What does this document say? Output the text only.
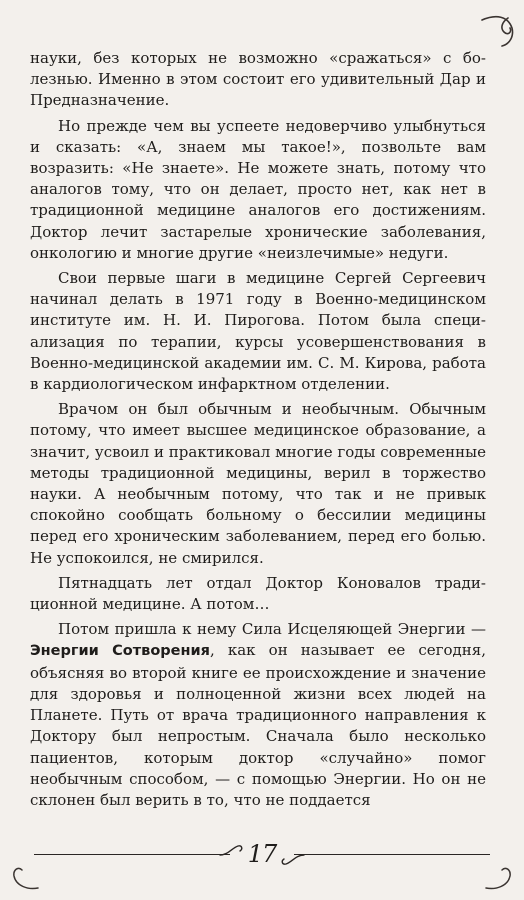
науки, без которых не возможно «сражаться» с болезнью. Именно в этом состоит его удивительный Дар и Предназначение.

Но прежде чем вы успеете недоверчиво улыбнуться и сказать: «А, знаем мы такое!», позвольте вам возразить: «Не знаете». Не можете знать, потому что аналогов тому, что он делает, просто нет, как нет в традиционной медицине аналогов его достижениям. Доктор лечит застарелые хронические заболевания, онкологию и многие другие «неизлечимые» недуги.

Свои первые шаги в медицине Сергей Сергеевич начинал делать в 1971 году в Военно-медицинском институте им. Н. И. Пирогова. Потом была специализация по терапии, курсы усовершенствования в Военно-медицинской академии им. С. М. Кирова, работа в кардиологическом инфарктном отделении.

Врачом он был обычным и необычным. Обычным потому, что имеет высшее медицинское образование, а значит, усвоил и практиковал многие годы современные методы традиционной медицины, верил в торжество науки. А необычным потому, что так и не привык спокойно сообщать больному о бессилии медицины перед его хроническим заболеванием, перед его болью. Не успокоился, не смирился.

Пятнадцать лет отдал Доктор Коновалов традиционной медицине. А потом…

Потом пришла к нему Сила Исцеляющей Энергии — Энергии Сотворения, как он называет ее сегодня, объясняя во второй книге ее происхождение и значение для здоровья и полноценной жизни всех людей на Планете. Путь от врача традиционного направления к Доктору был непростым. Сначала было несколько пациентов, которым доктор «случайно» помог необычным способом, — с помощью Энергии. Но он не склонен был верить в то, что не поддается

17
